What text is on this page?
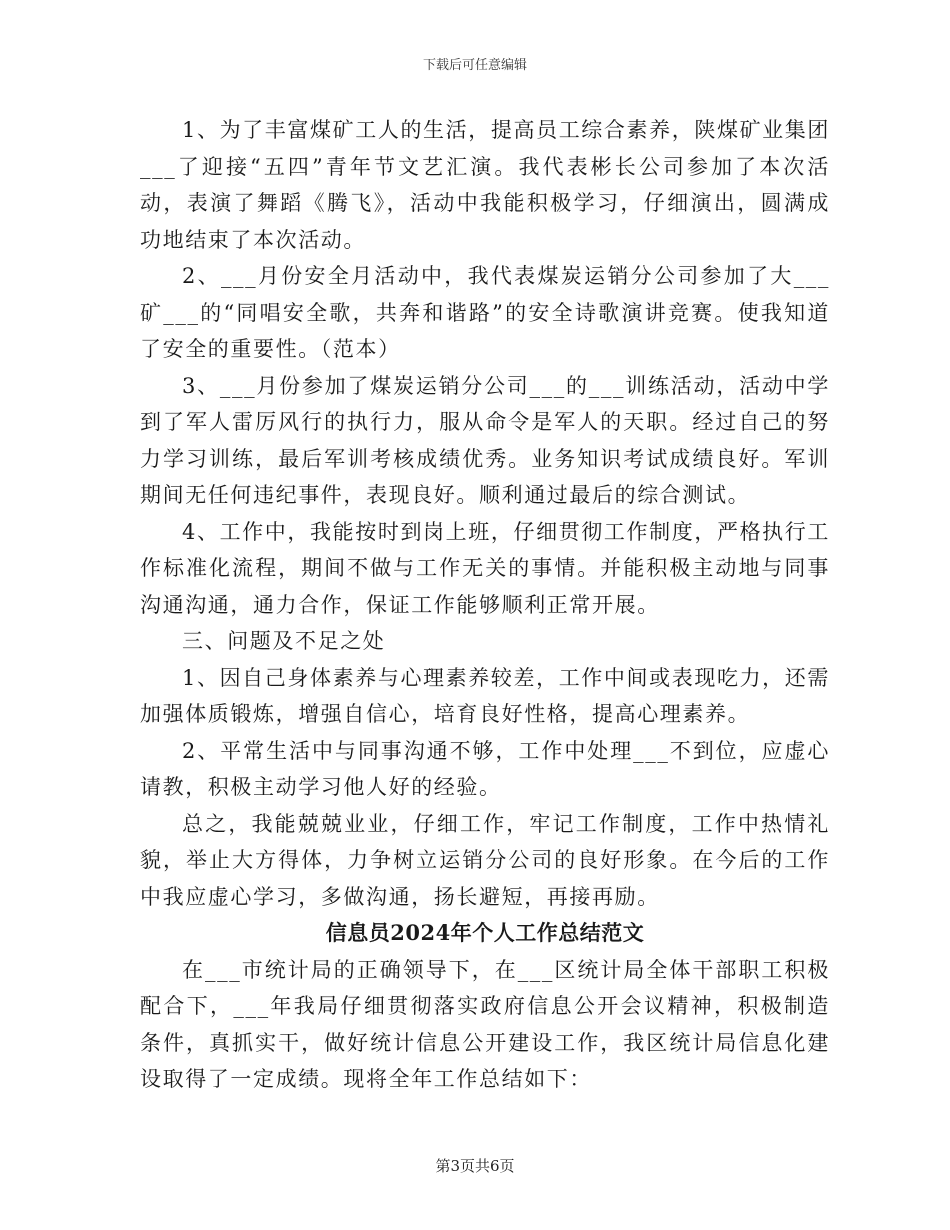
下载后可任意编辑

1、为了丰富煤矿工人的生活，提高员工综合素养，陕煤矿业集团___了迎接“五四”青年节文艺汇演。我代表彬长公司参加了本次活动，表演了舞蹈《腾飞》，活动中我能积极学习，仔细演出，圆满成功地结束了本次活动。

2、___月份安全月活动中，我代表煤炭运销分公司参加了大___矿___的“同唱安全歌，共奔和谐路”的安全诗歌演讲竞赛。使我知道了安全的重要性。（范本）

3、___月份参加了煤炭运销分公司___的___训练活动，活动中学到了军人雷厉风行的执行力，服从命令是军人的天职。经过自己的努力学习训练，最后军训考核成绩优秀。业务知识考试成绩良好。军训期间无任何违纪事件，表现良好。顺利通过最后的综合测试。

4、工作中，我能按时到岗上班，仔细贯彻工作制度，严格执行工作标准化流程，期间不做与工作无关的事情。并能积极主动地与同事沟通沟通，通力合作，保证工作能够顺利正常开展。

三、问题及不足之处

1、因自己身体素养与心理素养较差，工作中间或表现吃力，还需加强体质锻炼，增强自信心，培育良好性格，提高心理素养。

2、平常生活中与同事沟通不够，工作中处理___不到位，应虚心请教，积极主动学习他人好的经验。

总之，我能兢兢业业，仔细工作，牢记工作制度，工作中热情礼貌，举止大方得体，力争树立运销分公司的良好形象。在今后的工作中我应虚心学习，多做沟通，扬长避短，再接再励。

信息员2024年个人工作总结范文

在___市统计局的正确领导下，在___区统计局全体干部职工积极配合下，___年我局仔细贯彻落实政府信息公开会议精神，积极制造条件，真抓实干，做好统计信息公开建设工作，我区统计局信息化建设取得了一定成绩。现将全年工作总结如下：

第3页共6页
